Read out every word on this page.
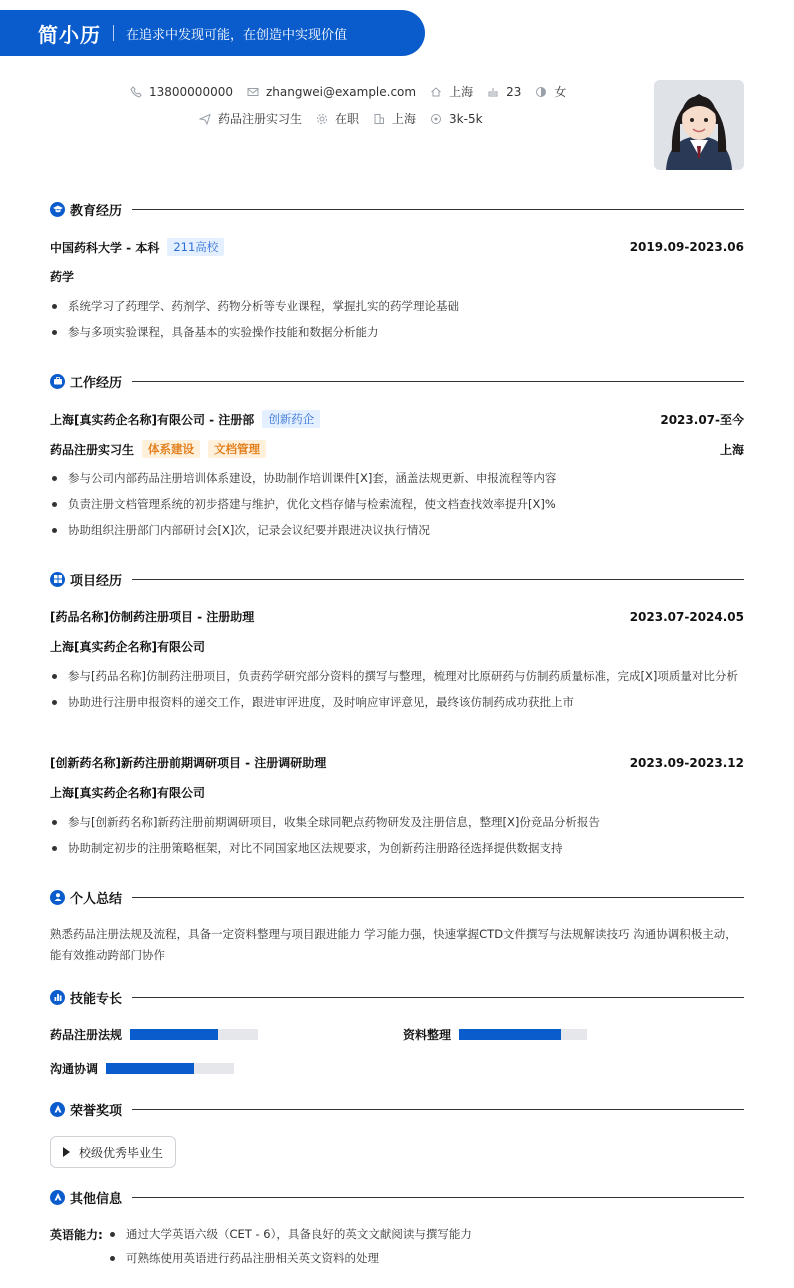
简小历 在追求中发现可能，在创造中实现价值
13800000000	zhangwei@example.com	上海	23	女
药品注册实习生	在职	上海	3k-5k
教育经历
中国药科大学 - 本科	211高校	2019.09-2023.06
药学
系统学习了药理学、药剂学、药物分析等专业课程，掌握扎实的药学理论基础
参与多项实验课程，具备基本的实验操作技能和数据分析能力
工作经历
上海[真实药企名称]有限公司 - 注册部	创新药企	2023.07-至今
药品注册实习生	体系建设	文档管理	上海
参与公司内部药品注册培训体系建设，协助制作培训课件[X]套，涵盖法规更新、申报流程等内容
负责注册文档管理系统的初步搭建与维护，优化文档存储与检索流程，使文档查找效率提升[X]%
协助组织注册部门内部研讨会[X]次，记录会议纪要并跟进决议执行情况
项目经历
[药品名称]仿制药注册项目 - 注册助理	2023.07-2024.05
上海[真实药企名称]有限公司
参与[药品名称]仿制药注册项目，负责药学研究部分资料的撰写与整理，梳理对比原研药与仿制药质量标准，完成[X]项质量对比分析
协助进行注册申报资料的递交工作，跟进审评进度，及时响应审评意见，最终该仿制药成功获批上市
[创新药名称]新药注册前期调研项目 - 注册调研助理	2023.09-2023.12
上海[真实药企名称]有限公司
参与[创新药名称]新药注册前期调研项目，收集全球同靶点药物研发及注册信息，整理[X]份竞品分析报告
协助制定初步的注册策略框架，对比不同国家地区法规要求，为创新药注册路径选择提供数据支持
个人总结
熟悉药品注册法规及流程，具备一定资料整理与项目跟进能力 学习能力强，快速掌握CTD文件撰写与法规解读技巧 沟通协调积极主动，能有效推动跨部门协作
技能专长
药品注册法规	资料整理
沟通协调
荣誉奖项
校级优秀毕业生
其他信息
英语能力:	通过大学英语六级（CET - 6），具备良好的英文文献阅读与撰写能力
可熟练使用英语进行药品注册相关英文资料的处理
